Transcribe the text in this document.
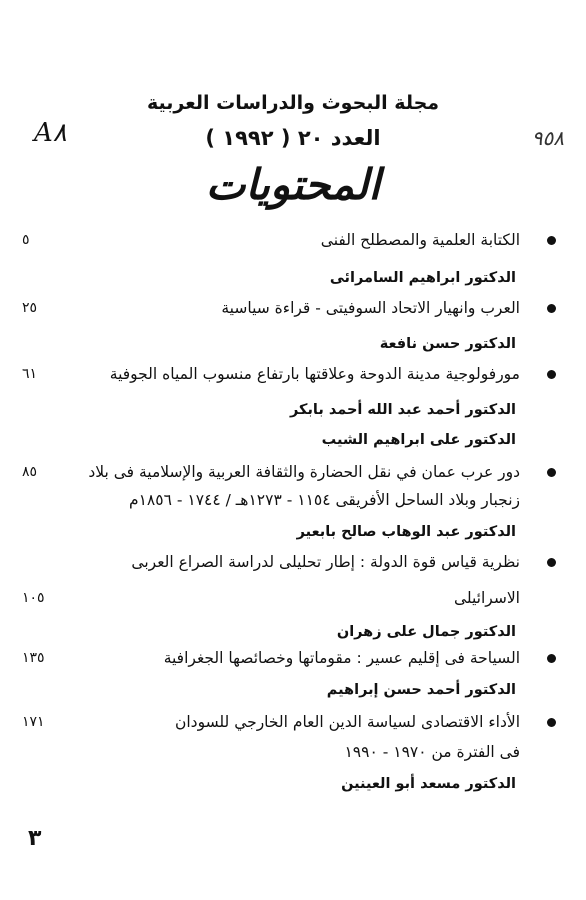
مجلة البحوث والدراسات العربية
A٨	العدد ٢٠ ( ١٩٩٢ )	٩٥٨
المحتويات
الكتابة العلمية والمصطلح الفنى
٥
الدكتور ابراهيم السامرائى
العرب وانهيار الاتحاد السوفيتى - قراءة سياسية
٢٥
الدكتور حسن نافعة
مورفولوجية مدينة الدوحة وعلاقتها بارتفاع منسوب المياه الجوفية
٦١
الدكتور أحمد عبد الله أحمد بابكر
الدكتور على ابراهيم الشيب
دور عرب عمان في نقل الحضارة والثقافة العربية والإسلامية فى بلاد
٨٥
زنجبار وبلاد الساحل الأفريقى ١١٥٤ - ١٢٧٣هـ / ١٧٤٤ - ١٨٥٦م
الدكتور عبد الوهاب صالح بابعير
نظرية قياس قوة الدولة : إطار تحليلى لدراسة الصراع العربى
الاسرائيلى
١٠٥
الدكتور جمال على زهران
السياحة فى إقليم عسير : مقوماتها وخصائصها الجغرافية
١٣٥
الدكتور أحمد حسن إبراهيم
الأداء الاقتصادى لسياسة الدين العام الخارجي للسودان
١٧١
فى الفترة من ١٩٧٠ - ١٩٩٠
الدكتور مسعد أبو العينين
٣
